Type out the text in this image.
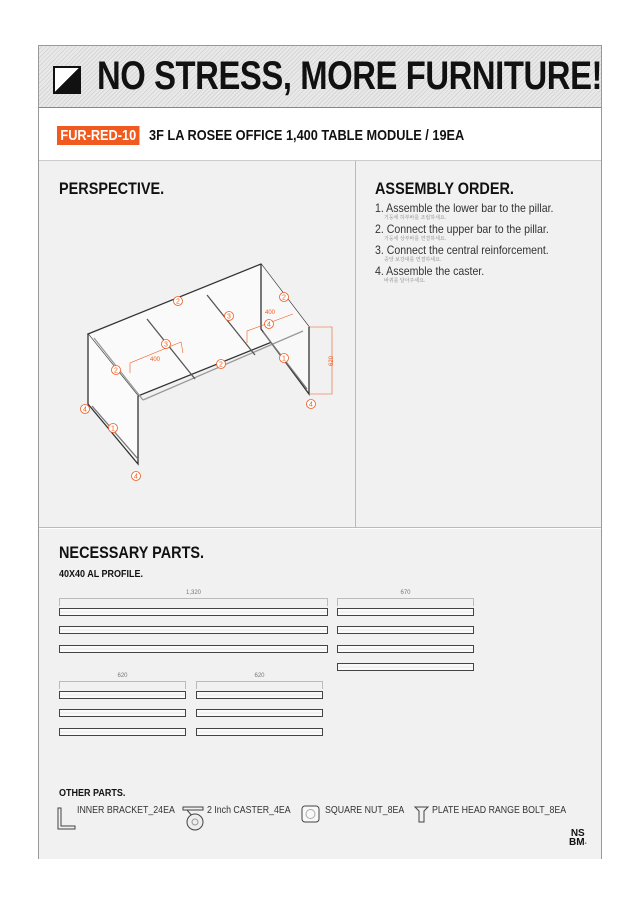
NO STRESS, MORE FURNITURE!
FUR-RED-10 3F LA ROSEE OFFICE 1,400 TABLE MODULE / 19EA
PERSPECTIVE.
400
400
620
2
3
2
4
3
2
2
1
4
1
4
4
ASSEMBLY ORDER.
1. Assemble the lower bar to the pillar.
기둥에 하부바를 조립하세요.
2. Connect the upper bar to the pillar.
기둥에 상부바를 연결하세요.
3. Connect the central reinforcement.
중앙 보강대를 연결하세요.
4. Assemble the caster.
바퀴를 달아주세요.
NECESSARY PARTS.
40X40 AL PROFILE.
1,320	670
620	620
OTHER PARTS.
INNER BRACKET_24EA	2 Inch CASTER_4EA	SQUARE NUT_8EA	PLATE HEAD RANGE BOLT_8EA
NS
BM-
